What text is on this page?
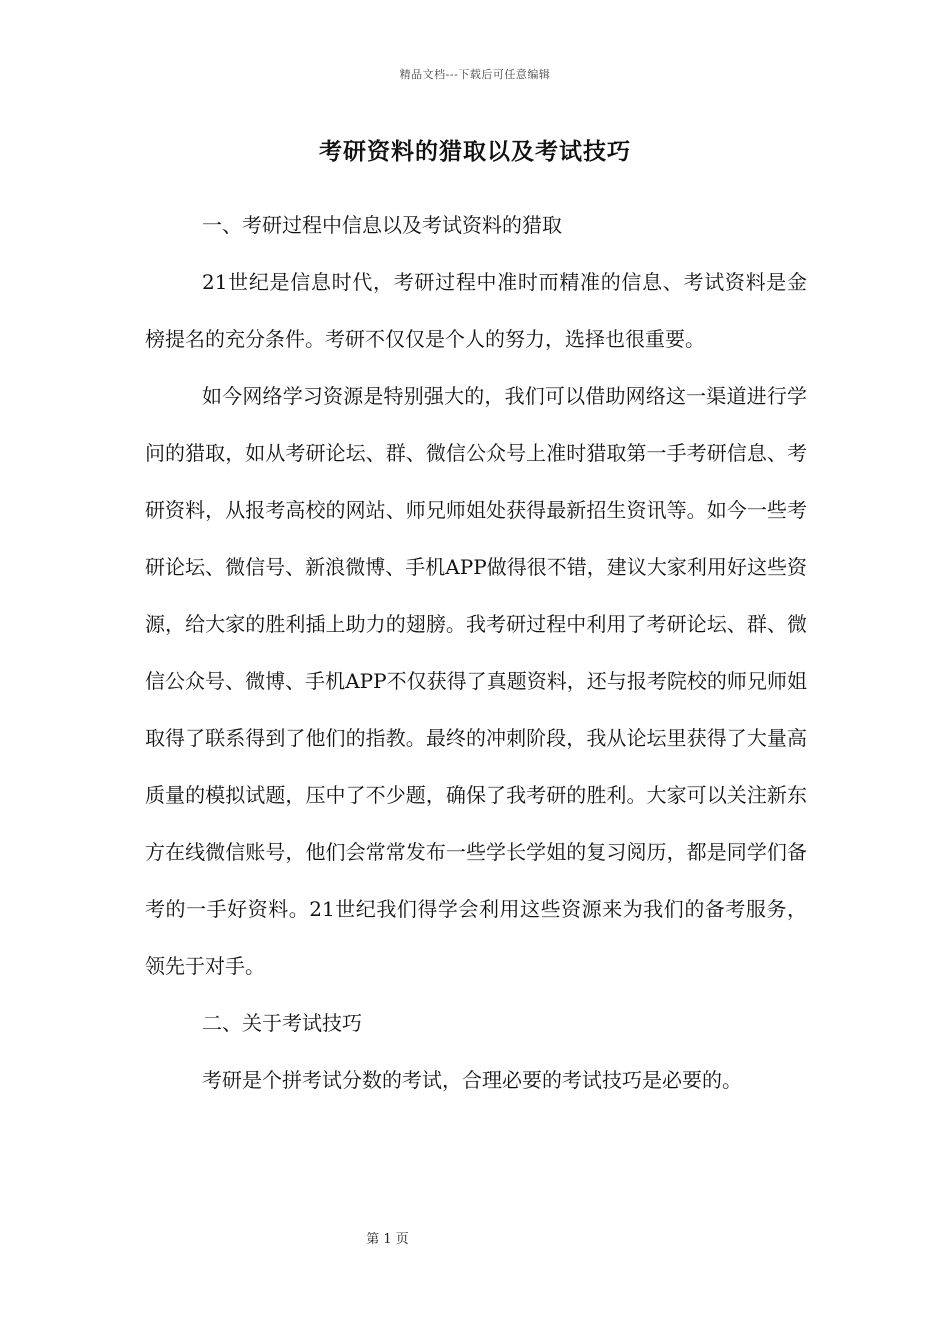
精品文档---下载后可任意编辑
考研资料的猎取以及考试技巧

一、考研过程中信息以及考试资料的猎取

21世纪是信息时代，考研过程中准时而精准的信息、考试资料是金榜提名的充分条件。考研不仅仅是个人的努力，选择也很重要。

如今网络学习资源是特别强大的，我们可以借助网络这一渠道进行学问的猎取，如从考研论坛、群、微信公众号上准时猎取第一手考研信息、考研资料，从报考高校的网站、师兄师姐处获得最新招生资讯等。如今一些考研论坛、微信号、新浪微博、手机APP做得很不错，建议大家利用好这些资源，给大家的胜利插上助力的翅膀。我考研过程中利用了考研论坛、群、微信公众号、微博、手机APP不仅获得了真题资料，还与报考院校的师兄师姐取得了联系得到了他们的指教。最终的冲刺阶段，我从论坛里获得了大量高质量的模拟试题，压中了不少题，确保了我考研的胜利。大家可以关注新东方在线微信账号，他们会常常发布一些学长学姐的复习阅历，都是同学们备考的一手好资料。21世纪我们得学会利用这些资源来为我们的备考服务，领先于对手。

二、关于考试技巧

考研是个拼考试分数的考试，合理必要的考试技巧是必要的。

第 1 页
